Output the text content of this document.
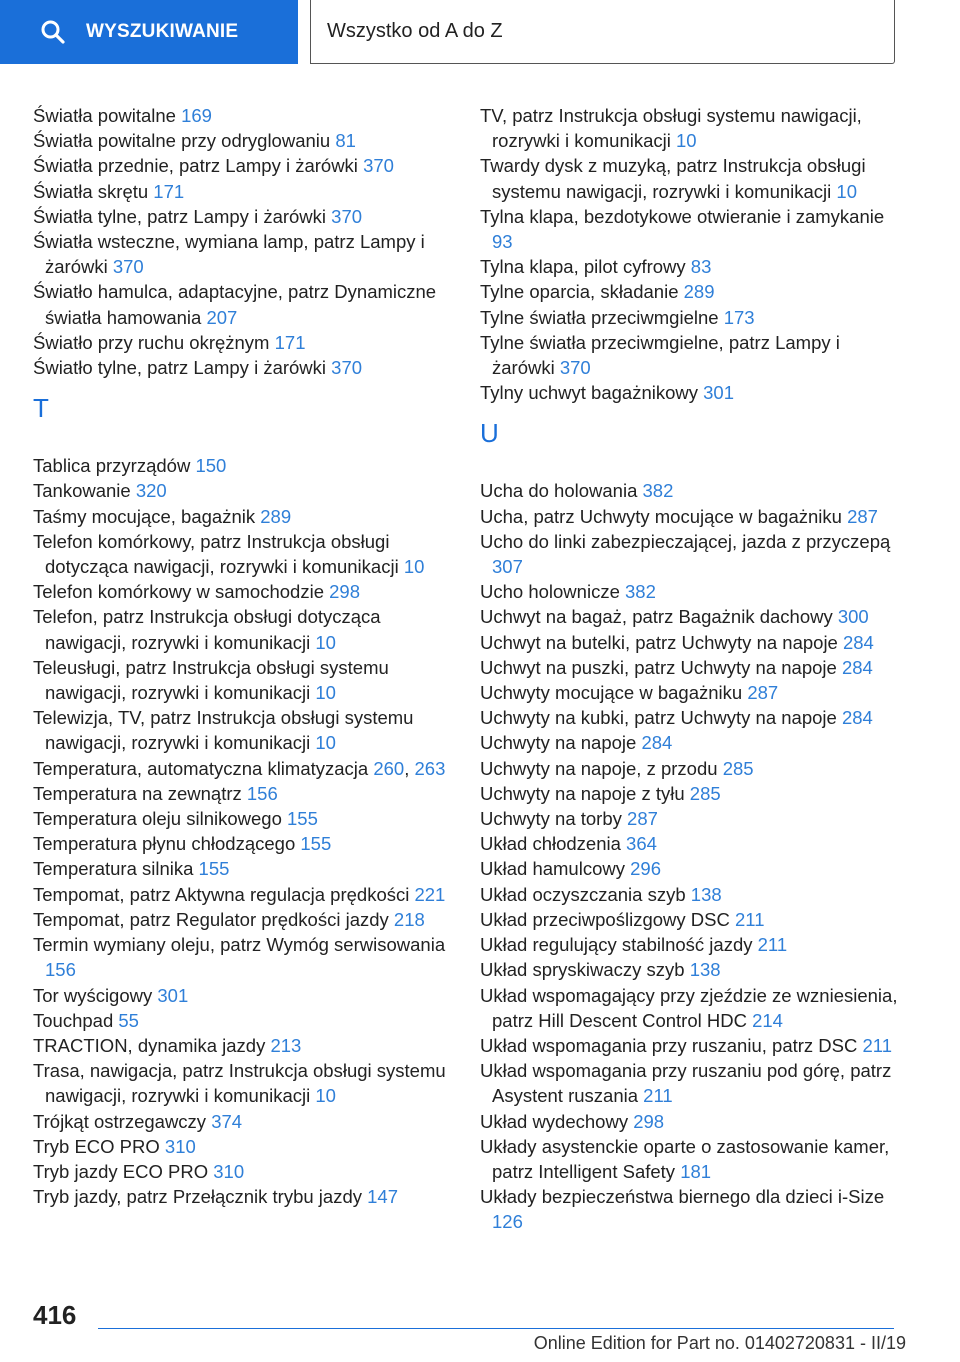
WYSZUKIWANIE	Wszystko od A do Z
Światła powitalne 169
Światła powitalne przy odryglowaniu 81
Światła przednie, patrz Lampy i żarówki 370
Światła skrętu 171
Światła tylne, patrz Lampy i żarówki 370
Światła wsteczne, wymiana lamp, patrz Lampy i żarówki 370
Światło hamulca, adaptacyjne, patrz Dynamiczne światła hamowania 207
Światło przy ruchu okrężnym 171
Światło tylne, patrz Lampy i żarówki 370
T
Tablica przyrządów 150
Tankowanie 320
Taśmy mocujące, bagażnik 289
Telefon komórkowy, patrz Instrukcja obsługi dotycząca nawigacji, rozrywki i komunikacji 10
Telefon komórkowy w samochodzie 298
Telefon, patrz Instrukcja obsługi dotycząca nawigacji, rozrywki i komunikacji 10
Teleusługi, patrz Instrukcja obsługi systemu nawigacji, rozrywki i komunikacji 10
Telewizja, TV, patrz Instrukcja obsługi systemu nawigacji, rozrywki i komunikacji 10
Temperatura, automatyczna klimatyzacja 260, 263
Temperatura na zewnątrz 156
Temperatura oleju silnikowego 155
Temperatura płynu chłodzącego 155
Temperatura silnika 155
Tempomat, patrz Aktywna regulacja prędkości 221
Tempomat, patrz Regulator prędkości jazdy 218
Termin wymiany oleju, patrz Wymóg serwisowania 156
Tor wyścigowy 301
Touchpad 55
TRACTION, dynamika jazdy 213
Trasa, nawigacja, patrz Instrukcja obsługi systemu nawigacji, rozrywki i komunikacji 10
Trójkąt ostrzegawczy 374
Tryb ECO PRO 310
Tryb jazdy ECO PRO 310
Tryb jazdy, patrz Przełącznik trybu jazdy 147
TV, patrz Instrukcja obsługi systemu nawigacji, rozrywki i komunikacji 10
Twardy dysk z muzyką, patrz Instrukcja obsługi systemu nawigacji, rozrywki i komunikacji 10
Tylna klapa, bezdotykowe otwieranie i zamykanie 93
Tylna klapa, pilot cyfrowy 83
Tylne oparcia, składanie 289
Tylne światła przeciwmgielne 173
Tylne światła przeciwmgielne, patrz Lampy i żarówki 370
Tylny uchwyt bagażnikowy 301
U
Ucha do holowania 382
Ucha, patrz Uchwyty mocujące w bagażniku 287
Ucho do linki zabezpieczającej, jazda z przyczepą 307
Ucho holownicze 382
Uchwyt na bagaż, patrz Bagażnik dachowy 300
Uchwyt na butelki, patrz Uchwyty na napoje 284
Uchwyt na puszki, patrz Uchwyty na napoje 284
Uchwyty mocujące w bagażniku 287
Uchwyty na kubki, patrz Uchwyty na napoje 284
Uchwyty na napoje 284
Uchwyty na napoje, z przodu 285
Uchwyty na napoje z tyłu 285
Uchwyty na torby 287
Układ chłodzenia 364
Układ hamulcowy 296
Układ oczyszczania szyb 138
Układ przeciwpoślizgowy DSC 211
Układ regulujący stabilność jazdy 211
Układ spryskiwaczy szyb 138
Układ wspomagający przy zjeździe ze wzniesienia, patrz Hill Descent Control HDC 214
Układ wspomagania przy ruszaniu, patrz DSC 211
Układ wspomagania przy ruszaniu pod górę, patrz Asystent ruszania 211
Układ wydechowy 298
Układy asystenckie oparte o zastosowanie kamer, patrz Intelligent Safety 181
Układy bezpieczeństwa biernego dla dzieci i-Size 126
416
Online Edition for Part no. 01402720831 - II/19
